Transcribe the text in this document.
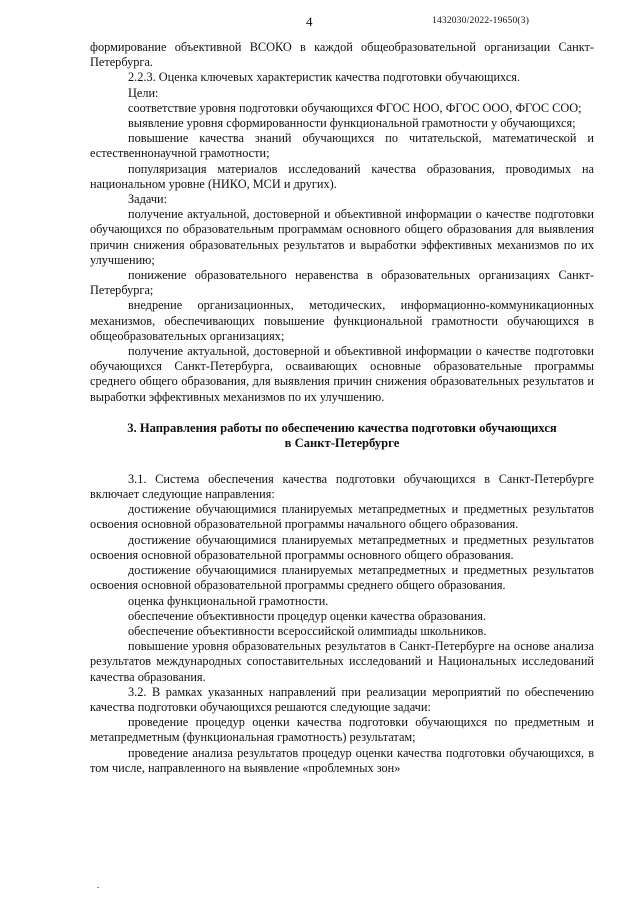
4	1432030/2022-19650(3)

формирование объективной ВСОКО в каждой общеобразовательной организации Санкт-Петербурга.

2.2.3. Оценка ключевых характеристик качества подготовки обучающихся.

Цели:

соответствие уровня подготовки обучающихся ФГОС НОО, ФГОС ООО, ФГОС СОО;

выявление уровня сформированности функциональной грамотности у обучающихся;

повышение качества знаний обучающихся по читательской, математической и естественнонаучной грамотности;

популяризация материалов исследований качества образования, проводимых на национальном уровне (НИКО, МСИ и других).

Задачи:

получение актуальной, достоверной и объективной информации о качестве подготовки обучающихся по образовательным программам основного общего образования для выявления причин снижения образовательных результатов и выработки эффективных механизмов по их улучшению;

понижение образовательного неравенства в образовательных организациях Санкт-Петербурга;

внедрение организационных, методических, информационно-коммуникационных механизмов, обеспечивающих повышение функциональной грамотности обучающихся в общеобразовательных организациях;

получение актуальной, достоверной и объективной информации о качестве подготовки обучающихся Санкт-Петербурга, осваивающих основные образовательные программы среднего общего образования, для выявления причин снижения образовательных результатов и выработки эффективных механизмов по их улучшению.

3. Направления работы по обеспечению качества подготовки обучающихся
в Санкт-Петербурге

3.1. Система обеспечения качества подготовки обучающихся в Санкт-Петербурге включает следующие направления:

достижение обучающимися планируемых метапредметных и предметных результатов освоения основной образовательной программы начального общего образования.

достижение обучающимися планируемых метапредметных и предметных результатов освоения основной образовательной программы основного общего образования.

достижение обучающимися планируемых метапредметных и предметных результатов освоения основной образовательной программы среднего общего образования.

оценка функциональной грамотности.

обеспечение объективности процедур оценки качества образования.

обеспечение объективности всероссийской олимпиады школьников.

повышение уровня образовательных результатов в Санкт-Петербурге на основе анализа результатов международных сопоставительных исследований и Национальных исследований качества образования.

3.2. В рамках указанных направлений при реализации мероприятий по обеспечению качества подготовки обучающихся решаются следующие задачи:

проведение процедур оценки качества подготовки обучающихся по предметным и метапредметным (функциональная грамотность) результатам;

проведение анализа результатов процедур оценки качества подготовки обучающихся, в том числе, направленного на выявление «проблемных зон»
